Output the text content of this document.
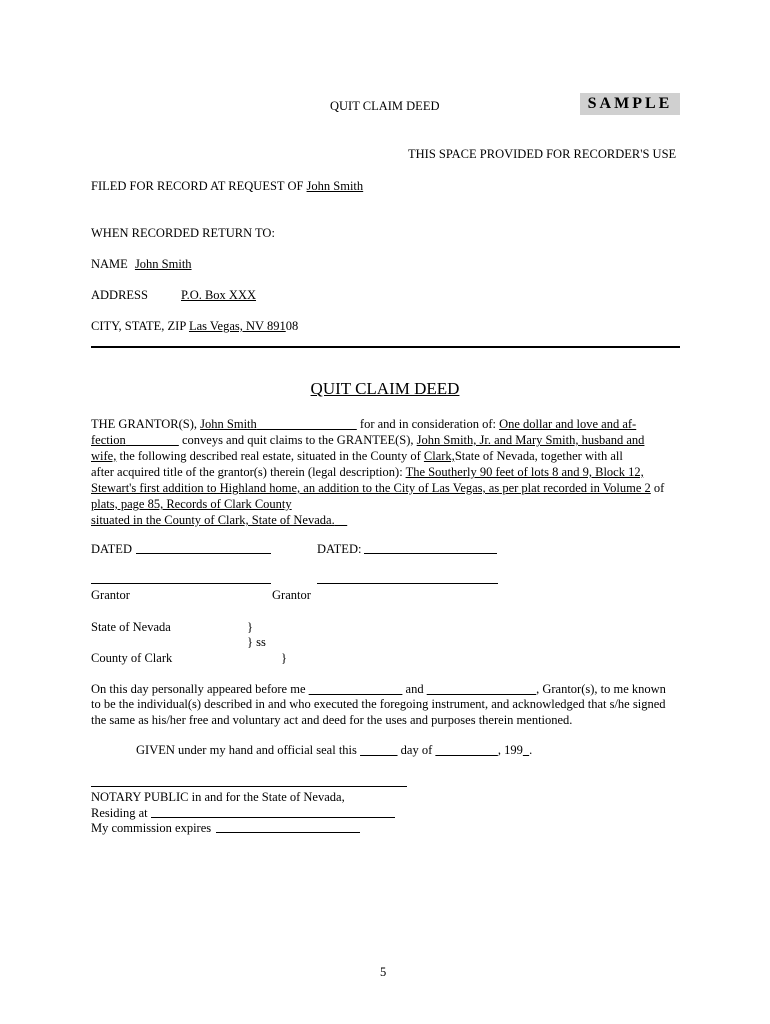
QUIT CLAIM DEED	SAMPLE
THIS SPACE PROVIDED FOR RECORDER'S USE
FILED FOR RECORD AT REQUEST OF John Smith
WHEN RECORDED RETURN TO:
NAME John Smith
ADDRESS	P.O. Box XXX
CITY, STATE, ZIP Las Vegas, NV 89108
QUIT CLAIM DEED
THE GRANTOR(S), John Smith	for and in consideration of: One dollar and love and af-
fection	conveys and quit claims to the GRANTEE(S), John Smith, Jr. and Mary Smith, husband and
wife, the following described real estate, situated in the County of Clark,State of Nevada, together with all
after acquired title of the grantor(s) therein (legal description): The Southerly 90 feet of lots 8 and 9, Block 12,
Stewart's first addition to Highland home, an addition to the City of Las Vegas, as per plat recorded in Volume 2 of
plats, page 85, Records of Clark County
situated in the County of Clark, State of Nevada.
DATED	DATED:
Grantor	Grantor
State of Nevada	}
} ss
County of Clark	}
On this day personally appeared before me	and	, Grantor(s), to me known
to be the individual(s) described in and who executed the foregoing instrument, and acknowledged that s/he signed
the same as his/her free and voluntary act and deed for the uses and purposes therein mentioned.
GIVEN under my hand and official seal this	day of	, 199 .
NOTARY PUBLIC in and for the State of Nevada,
Residing at
My commission expires
5
